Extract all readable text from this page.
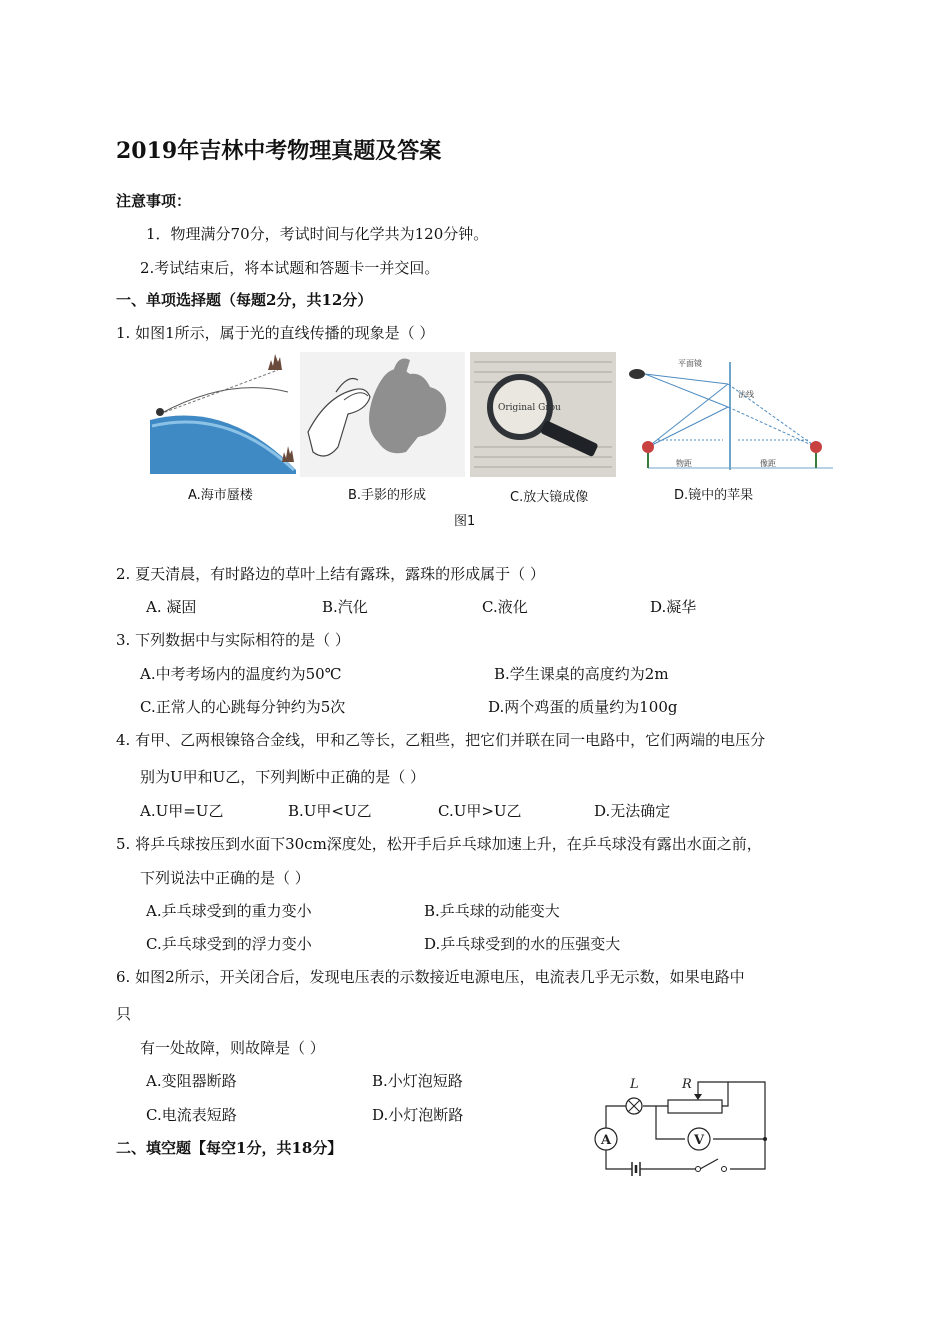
2019年吉林中考物理真题及答案
注意事项：
1．物理满分70分，考试时间与化学共为120分钟。
2.考试结束后，将本试题和答题卡一并交回。
一、单项选择题（每题2分，共12分）
1. 如图1所示，属于光的直线传播的现象是（ ）
Original Grou
平面镜
法线
物距	像距
A.海市蜃楼	B.手影的形成	C.放大镜成像	D.镜中的苹果
图1
2. 夏天清晨，有时路边的草叶上结有露珠，露珠的形成属于（ ）
A. 凝固	B.汽化	C.液化	D.凝华
3. 下列数据中与实际相符的是（ ）
A.中考考场内的温度约为50℃	B.学生课桌的高度约为2m
C.正常人的心跳每分钟约为5次	D.两个鸡蛋的质量约为100g
4. 有甲、乙两根镍铬合金线，甲和乙等长，乙粗些，把它们并联在同一电路中，它们两端的电压分
别为U甲和U乙，下列判断中正确的是（ ）
A.U甲=U乙	B.U甲<U乙	C.U甲>U乙	D.无法确定
5. 将乒乓球按压到水面下30cm深度处，松开手后乒乓球加速上升，在乒乓球没有露出水面之前，
下列说法中正确的是（ ）
A.乒乓球受到的重力变小	B.乒乓球的动能变大
C.乒乓球受到的浮力变小	D.乒乓球受到的水的压强变大
6. 如图2所示，开关闭合后，发现电压表的示数接近电源电压，电流表几乎无示数，如果电路中
只
有一处故障，则故障是（ ）
A.变阻器断路	B.小灯泡短路
C.电流表短路	D.小灯泡断路
A	V
L	R
二、填空题【每空1分，共18分】
